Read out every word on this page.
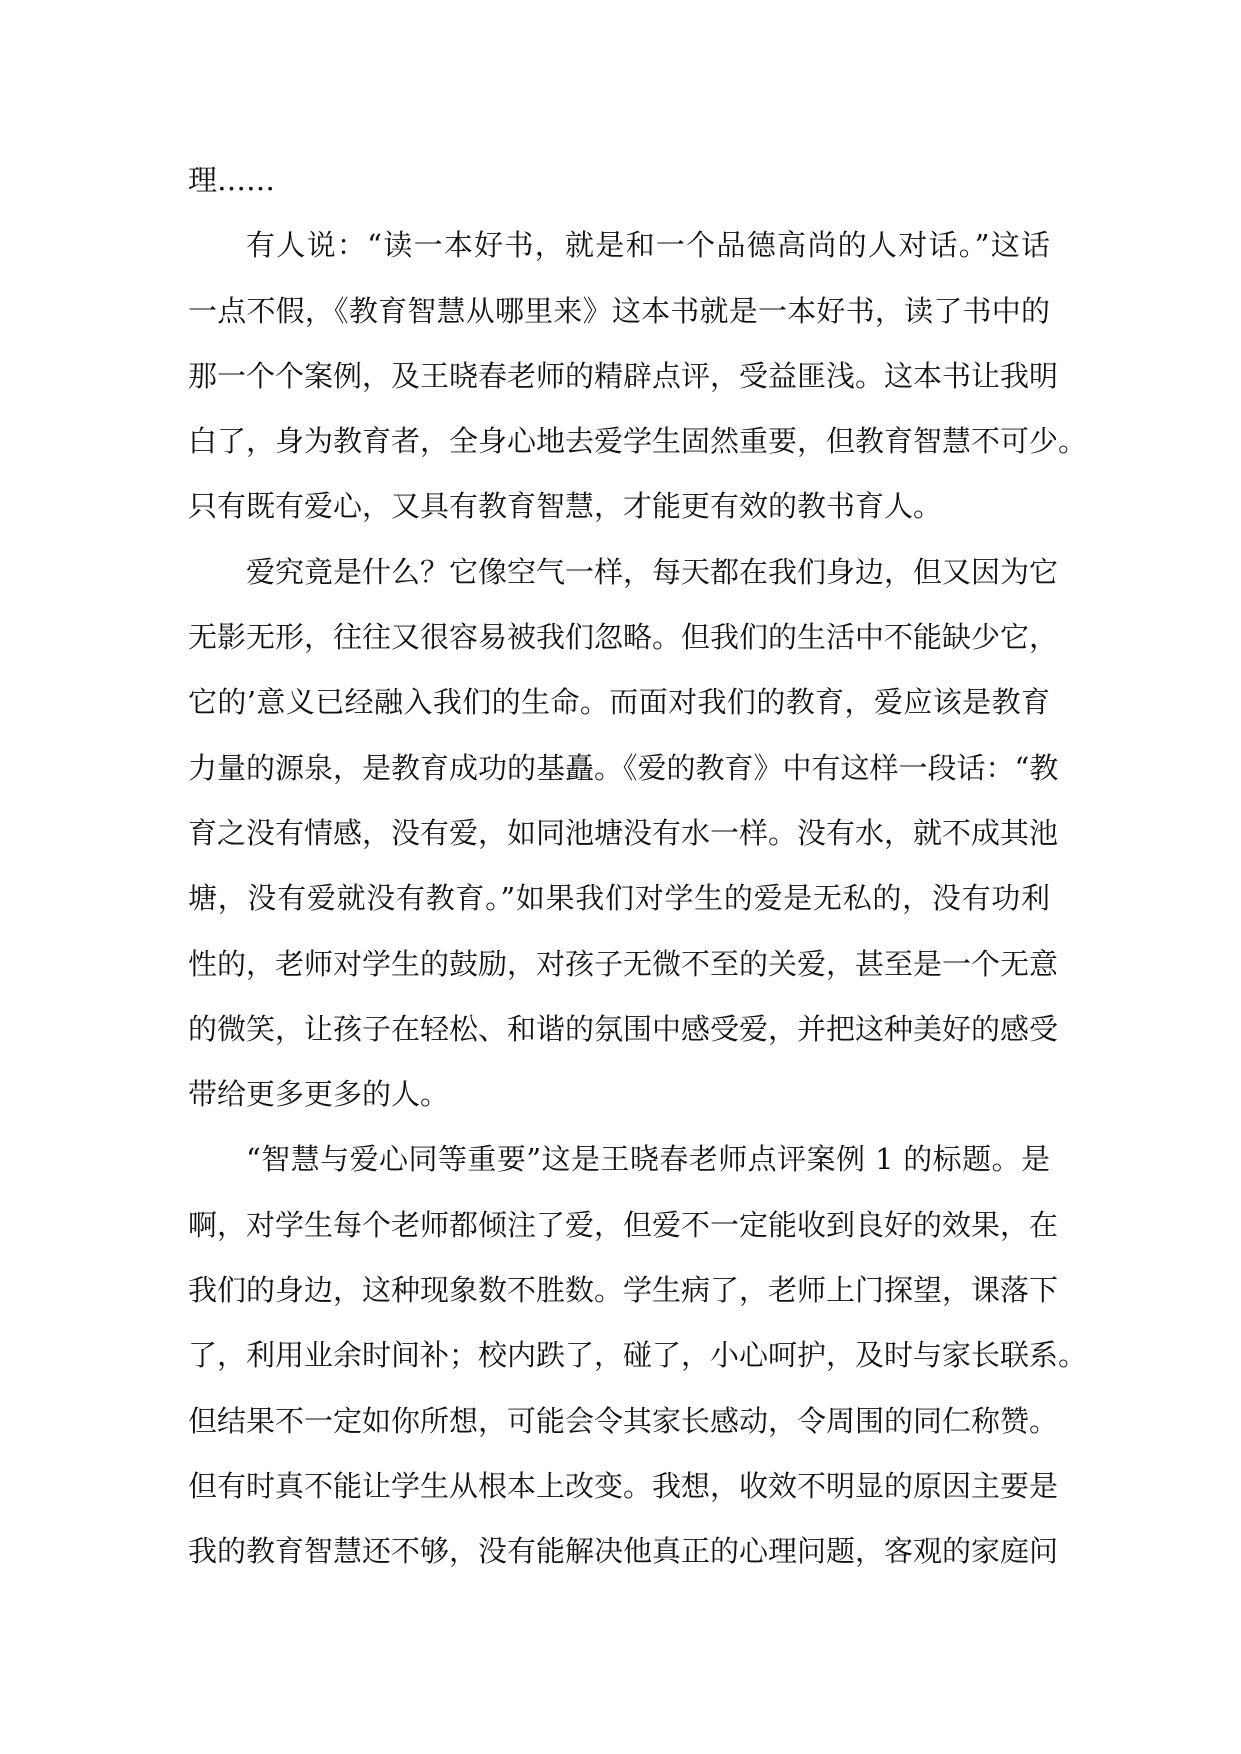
理……
有人说：“读一本好书，就是和一个品德高尚的人对话。”这话
一点不假，《教育智慧从哪里来》这本书就是一本好书，读了书中的
那一个个案例，及王晓春老师的精辟点评，受益匪浅。这本书让我明
白了，身为教育者，全身心地去爱学生固然重要，但教育智慧不可少。
只有既有爱心，又具有教育智慧，才能更有效的教书育人。
爱究竟是什么？它像空气一样，每天都在我们身边，但又因为它
无影无形，往往又很容易被我们忽略。但我们的生活中不能缺少它，
它的’意义已经融入我们的生命。而面对我们的教育，爱应该是教育
力量的源泉，是教育成功的基矗。《爱的教育》中有这样一段话：“教
育之没有情感，没有爱，如同池塘没有水一样。没有水，就不成其池
塘，没有爱就没有教育。”如果我们对学生的爱是无私的，没有功利
性的，老师对学生的鼓励，对孩子无微不至的关爱，甚至是一个无意
的微笑，让孩子在轻松、和谐的氛围中感受爱，并把这种美好的感受
带给更多更多的人。
“智慧与爱心同等重要”这是王晓春老师点评案例 1 的标题。是
啊，对学生每个老师都倾注了爱，但爱不一定能收到良好的效果，在
我们的身边，这种现象数不胜数。学生病了，老师上门探望，课落下
了，利用业余时间补；校内跌了，碰了，小心呵护，及时与家长联系。
但结果不一定如你所想，可能会令其家长感动，令周围的同仁称赞。
但有时真不能让学生从根本上改变。我想，收效不明显的原因主要是
我的教育智慧还不够，没有能解决他真正的心理问题，客观的家庭问
